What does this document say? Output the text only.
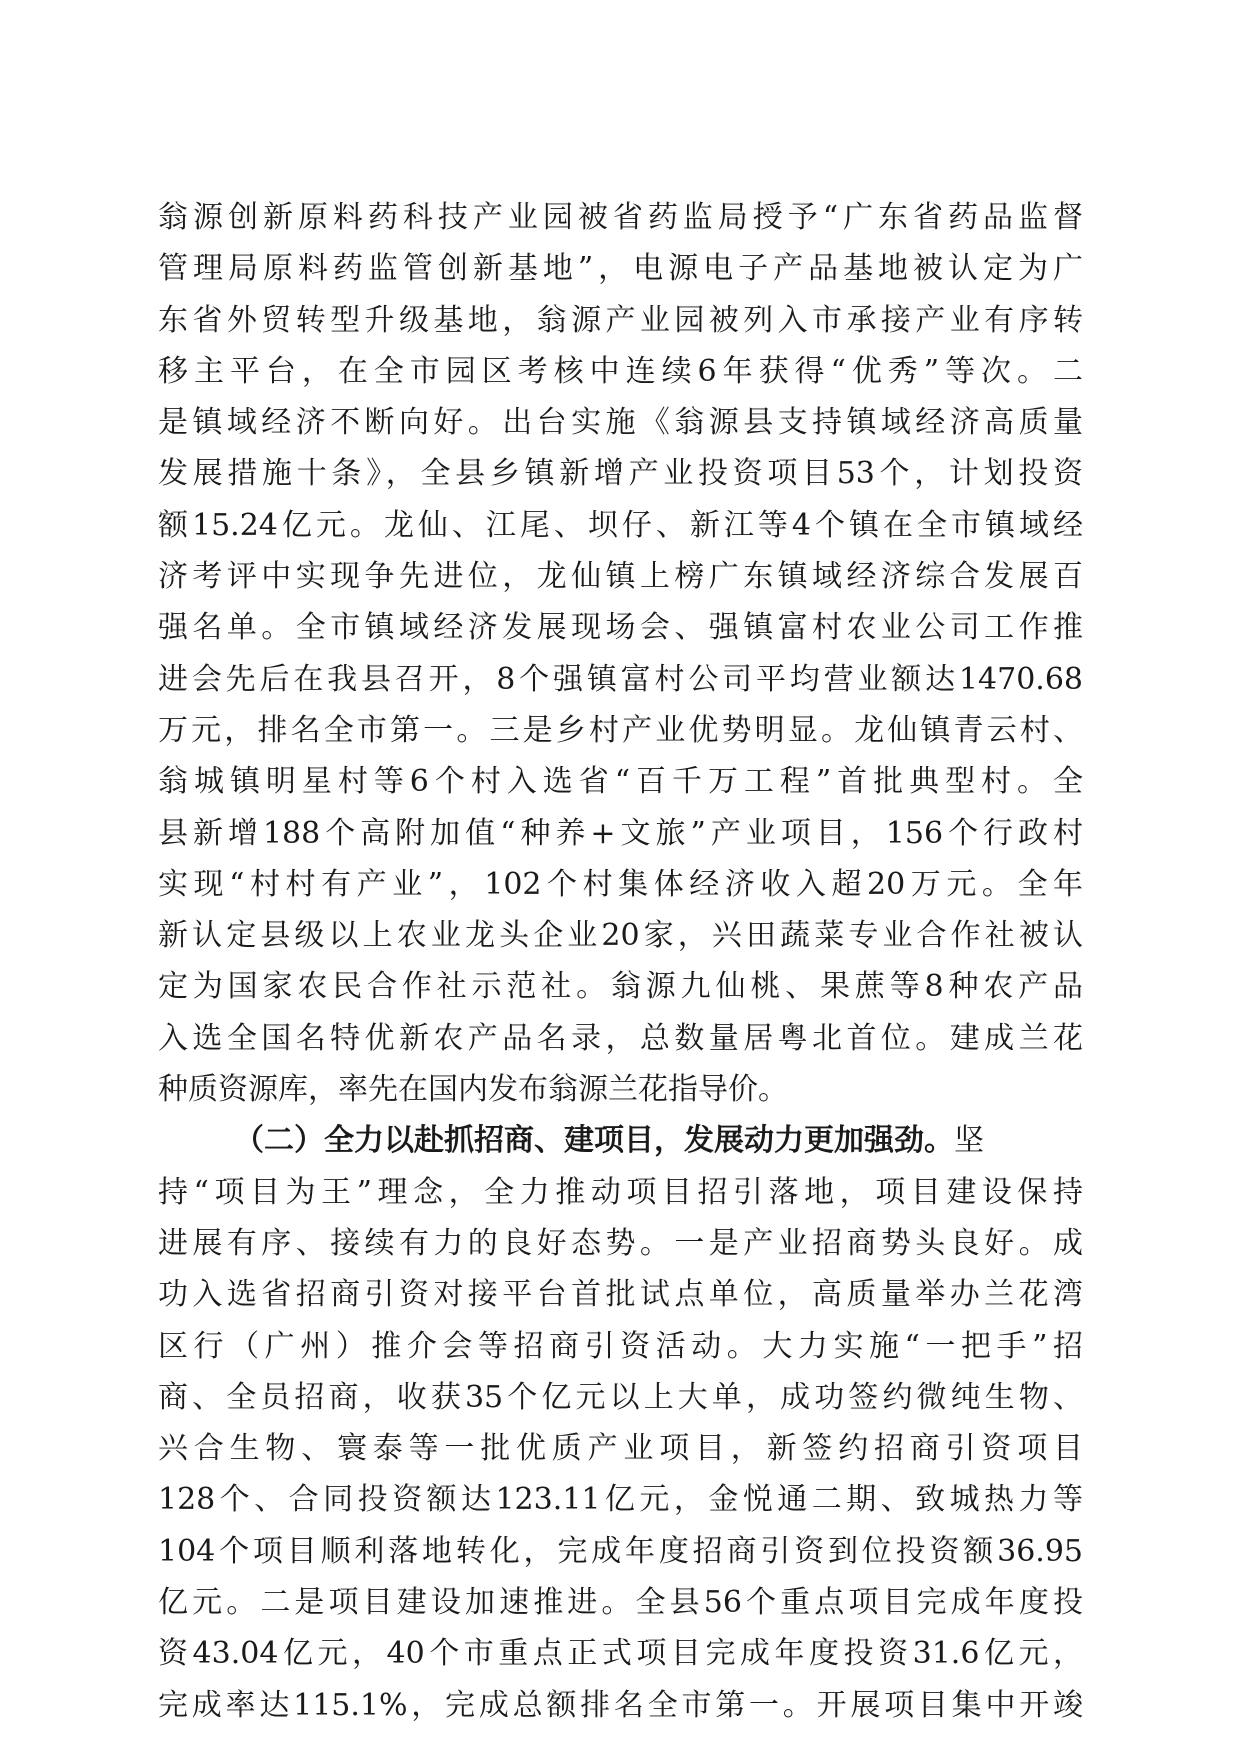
翁源创新原料药科技产业园被省药监局授予“广东省药品监督
管理局原料药监管创新基地”，电源电子产品基地被认定为广
东省外贸转型升级基地，翁源产业园被列入市承接产业有序转
移主平台，在全市园区考核中连续6年获得“优秀”等次。二
是镇域经济不断向好。出台实施《翁源县支持镇域经济高质量
发展措施十条》，全县乡镇新增产业投资项目53个，计划投资
额15.24亿元。龙仙、江尾、坝仔、新江等4个镇在全市镇域经
济考评中实现争先进位，龙仙镇上榜广东镇域经济综合发展百
强名单。全市镇域经济发展现场会、强镇富村农业公司工作推
进会先后在我县召开，8个强镇富村公司平均营业额达1470.68
万元，排名全市第一。三是乡村产业优势明显。龙仙镇青云村、
翁城镇明星村等6个村入选省“百千万工程”首批典型村。全
县新增188个高附加值“种养+文旅”产业项目，156个行政村
实现“村村有产业”，102个村集体经济收入超20万元。全年
新认定县级以上农业龙头企业20家，兴田蔬菜专业合作社被认
定为国家农民合作社示范社。翁源九仙桃、果蔗等8种农产品
入选全国名特优新农产品名录，总数量居粤北首位。建成兰花
种质资源库，率先在国内发布翁源兰花指导价。
（二）全力以赴抓招商、建项目，发展动力更加强劲。坚
持“项目为王”理念，全力推动项目招引落地，项目建设保持
进展有序、接续有力的良好态势。一是产业招商势头良好。成
功入选省招商引资对接平台首批试点单位，高质量举办兰花湾
区行（广州）推介会等招商引资活动。大力实施“一把手”招
商、全员招商，收获35个亿元以上大单，成功签约微纯生物、
兴合生物、寰泰等一批优质产业项目，新签约招商引资项目
128个、合同投资额达123.11亿元，金悦通二期、致城热力等
104个项目顺利落地转化，完成年度招商引资到位投资额36.95
亿元。二是项目建设加速推进。全县56个重点项目完成年度投
资43.04亿元，40个市重点正式项目完成年度投资31.6亿元，
完成率达115.1%，完成总额排名全市第一。开展项目集中开竣
